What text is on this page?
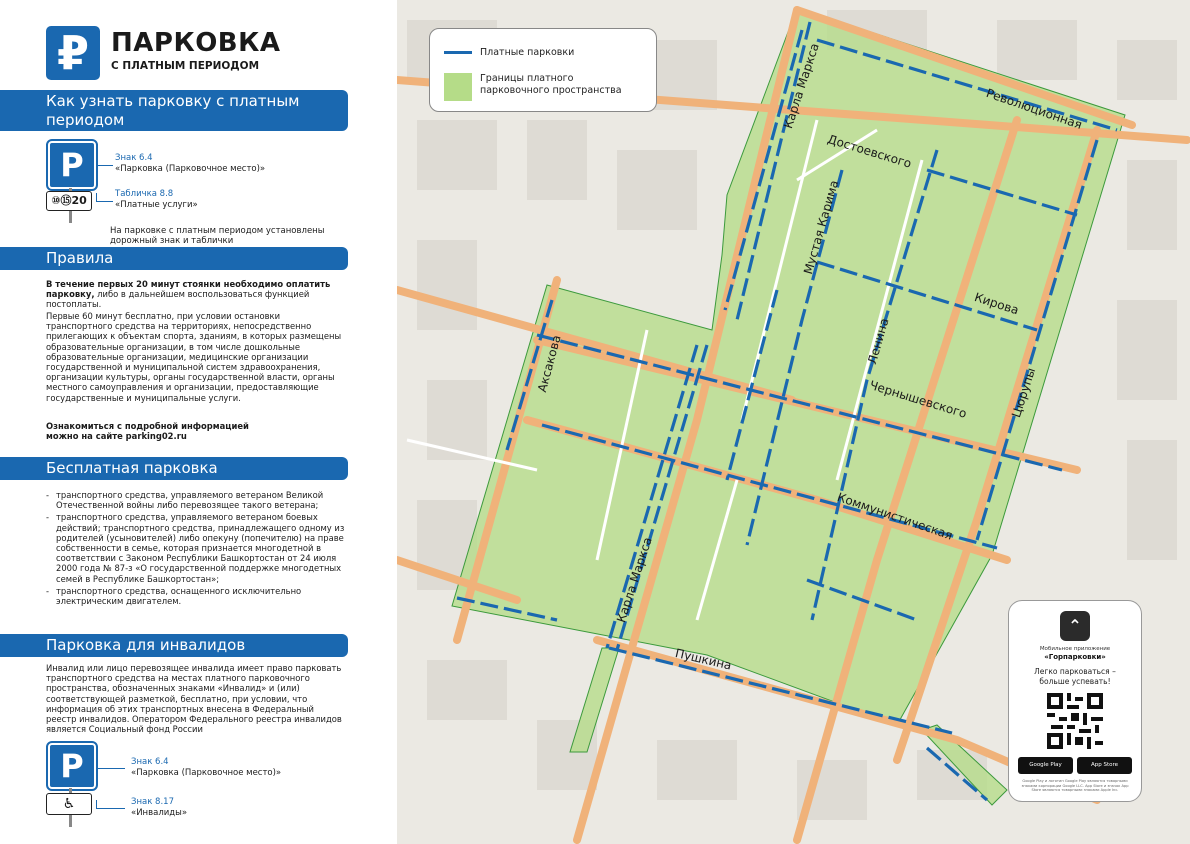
₽ ПАРКОВКА
С ПЛАТНЫМ ПЕРИОДОМ
Как узнать парковку с платным периодом
P
⑩⑮20
Знак 6.4
«Парковка (Парковочное место)»
Табличка 8.8
«Платные услуги»
На парковке с платным периодом установлены дорожный знак и таблички
Правила
В течение первых 20 минут стоянки необходимо оплатить парковку, либо в дальнейшем воспользоваться функцией постоплаты.
Первые 60 минут бесплатно, при условии остановки транспортного средства на территориях, непосредственно прилегающих к объектам спорта, зданиям, в которых размещены образовательные организации, в том числе дошкольные образовательные организации, медицинские организации государственной и муниципальной систем здравоохранения, организации культуры, органы государственной власти, органы местного самоуправления и организации, предоставляющие государственные и муниципальные услуги.
Ознакомиться с подробной информацией можно на сайте parking02.ru
Бесплатная парковка
- транспортного средства, управляемого ветераном Великой Отечественной войны либо перевозящее такого ветерана;
- транспортного средства, управляемого ветераном боевых действий; транспортного средства, принадлежащего одному из родителей (усыновителей) либо опекуну (попечителю) на праве собственности в семье, которая признается многодетной в соответствии с Законом Республики Башкортостан от 24 июля 2000 года № 87-з «О государственной поддержке многодетных семей в Республике Башкортостан»;
- транспортного средства, оснащенного исключительно электрическим двигателем.
Парковка для инвалидов
Инвалид или лицо перевозящее инвалида имеет право парковать транспортного средства на местах платного парковочного пространства, обозначенных знаками «Инвалид» и (или) соответствующей разметкой, бесплатно, при условии, что информация об этих транспортных внесена в Федеральный реестр инвалидов. Оператором Федерального реестра инвалидов является Социальный фонд России
P
♿
Знак 6.4
«Парковка (Парковочное место)»
Знак 8.17
«Инвалиды»
Платные парковки
Границы платного парковочного пространства	Революционная
Карла Маркса
Достоевского
Мустая Карима
Кирова
Ленина
Чернышевского	Цюрупы
Аксакова
Коммунистическая
Карла Маркса
Пушкина
⌃
Мобильное приложение
«Горпарковки»
Легко парковаться – больше успевать!
Google Play	App Store
Google Play и логотип Google Play являются товарными знаками корпорации Google LLC. App Store и значок App Store являются товарными знаками Apple Inc.
